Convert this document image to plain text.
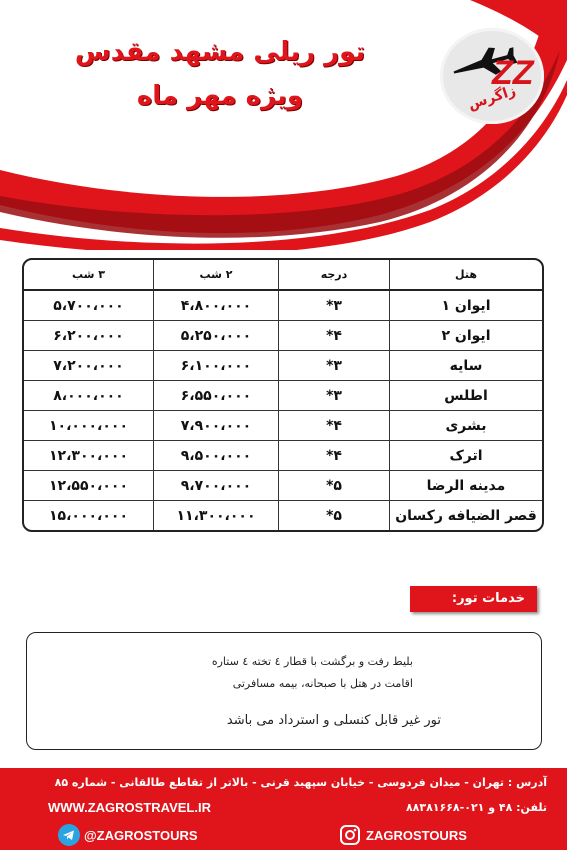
تور ریلی مشهد مقدس
ویژه مهر ماه
ZZ
زاگرس
هتل	درجه	۲ شب	۳ شب
ایوان ۱	۳*	۴،۸۰۰،۰۰۰	۵،۷۰۰،۰۰۰
ایوان ۲	۴*	۵،۲۵۰،۰۰۰	۶،۲۰۰،۰۰۰
سایه	۳*	۶،۱۰۰،۰۰۰	۷،۲۰۰،۰۰۰
اطلس	۳*	۶،۵۵۰،۰۰۰	۸،۰۰۰،۰۰۰
بشری	۴*	۷،۹۰۰،۰۰۰	۱۰،۰۰۰،۰۰۰
اترک	۴*	۹،۵۰۰،۰۰۰	۱۲،۳۰۰،۰۰۰
مدینه الرضا	۵*	۹،۷۰۰،۰۰۰	۱۲،۵۵۰،۰۰۰
قصر الضیافه رکسان	۵*	۱۱،۳۰۰،۰۰۰	۱۵،۰۰۰،۰۰۰
خدمات تور:
بلیط رفت و برگشت با قطار ٤ تخته ٤ ستاره
اقامت در هتل با صبحانه، بیمه مسافرتی
تور غیر قابل کنسلی و استرداد می باشد
آدرس : تهران - میدان فردوسی - خیابان سپهبد قرنی - بالاتر از تقاطع طالقانی - شماره ۸۵
تلفن: ۴۸ و ۰۲۱-۸۸۳۸۱۶۶۸
WWW.ZAGROSTRAVEL.IR
@ZAGROSTOURS	ZAGROSTOURS
